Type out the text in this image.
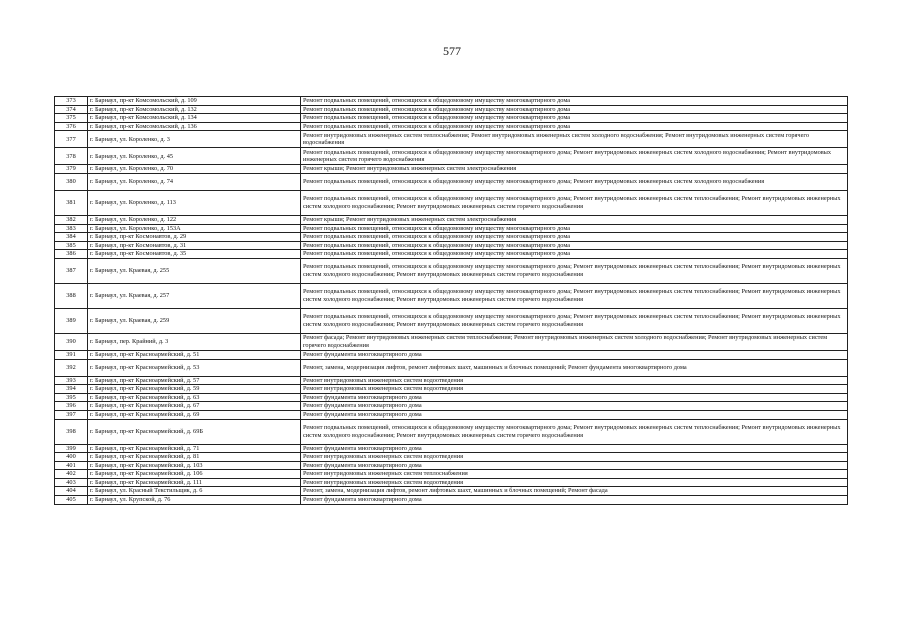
577
373	г. Барнаул, пр-кт Комсомольский, д. 109	Ремонт подвальных помещений, относящихся к общедомовому имуществу многоквартирного дома
374	г. Барнаул, пр-кт Комсомольский, д. 132	Ремонт подвальных помещений, относящихся к общедомовому имуществу многоквартирного дома
375	г. Барнаул, пр-кт Комсомольский, д. 134	Ремонт подвальных помещений, относящихся к общедомовому имуществу многоквартирного дома
376	г. Барнаул, пр-кт Комсомольский, д. 136	Ремонт подвальных помещений, относящихся к общедомовому имуществу многоквартирного дома
377	г. Барнаул, ул. Короленко, д. 3	Ремонт внутридомовых инженерных систем теплоснабжения; Ремонт внутридомовых инженерных систем холодного водоснабжения; Ремонт внутридомовых инженерных систем горячего водоснабжения
378	г. Барнаул, ул. Короленко, д. 45	Ремонт подвальных помещений, относящихся к общедомовому имуществу многоквартирного дома; Ремонт внутридомовых инженерных систем холодного водоснабжения; Ремонт внутридомовых инженерных систем горячего водоснабжения
379	г. Барнаул, ул. Короленко, д. 70	Ремонт крыши; Ремонт внутридомовых инженерных систем электроснабжения
380	г. Барнаул, ул. Короленко, д. 74	Ремонт подвальных помещений, относящихся к общедомовому имуществу многоквартирного дома; Ремонт внутридомовых инженерных систем холодного водоснабжения
381	г. Барнаул, ул. Короленко, д. 113	Ремонт подвальных помещений, относящихся к общедомовому имуществу многоквартирного дома; Ремонт внутридомовых инженерных систем теплоснабжения; Ремонт внутридомовых инженерных систем холодного водоснабжения; Ремонт внутридомовых инженерных систем горячего водоснабжения
382	г. Барнаул, ул. Короленко, д. 122	Ремонт крыши; Ремонт внутридомовых инженерных систем электроснабжения
383	г. Барнаул, ул. Короленко, д. 153А	Ремонт подвальных помещений, относящихся к общедомовому имуществу многоквартирного дома
384	г. Барнаул, пр-кт Космонавтов, д. 29	Ремонт подвальных помещений, относящихся к общедомовому имуществу многоквартирного дома
385	г. Барнаул, пр-кт Космонавтов, д. 31	Ремонт подвальных помещений, относящихся к общедомовому имуществу многоквартирного дома
386	г. Барнаул, пр-кт Космонавтов, д. 35	Ремонт подвальных помещений, относящихся к общедомовому имуществу многоквартирного дома
387	г. Барнаул, ул. Краевая, д. 255	Ремонт подвальных помещений, относящихся к общедомовому имуществу многоквартирного дома; Ремонт внутридомовых инженерных систем теплоснабжения; Ремонт внутридомовых инженерных систем холодного водоснабжения; Ремонт внутридомовых инженерных систем горячего водоснабжения
388	г. Барнаул, ул. Краевая, д. 257	Ремонт подвальных помещений, относящихся к общедомовому имуществу многоквартирного дома; Ремонт внутридомовых инженерных систем теплоснабжения; Ремонт внутридомовых инженерных систем холодного водоснабжения; Ремонт внутридомовых инженерных систем горячего водоснабжения
389	г. Барнаул, ул. Краевая, д. 259	Ремонт подвальных помещений, относящихся к общедомовому имуществу многоквартирного дома; Ремонт внутридомовых инженерных систем теплоснабжения; Ремонт внутридомовых инженерных систем холодного водоснабжения; Ремонт внутридомовых инженерных систем горячего водоснабжения
390	г. Барнаул, пер. Крайний, д. 3	Ремонт фасада; Ремонт внутридомовых инженерных систем теплоснабжения; Ремонт внутридомовых инженерных систем холодного водоснабжения; Ремонт внутридомовых инженерных систем горячего водоснабжения
391	г. Барнаул, пр-кт Красноармейский, д. 51	Ремонт фундамента многоквартирного дома
392	г. Барнаул, пр-кт Красноармейский, д. 53	Ремонт, замена, модернизация лифтов, ремонт лифтовых шахт, машинных и блочных помещений; Ремонт фундамента многоквартирного дома
393	г. Барнаул, пр-кт Красноармейский, д. 57	Ремонт внутридомовых инженерных систем водоотведения
394	г. Барнаул, пр-кт Красноармейский, д. 59	Ремонт внутридомовых инженерных систем водоотведения
395	г. Барнаул, пр-кт Красноармейский, д. 63	Ремонт фундамента многоквартирного дома
396	г. Барнаул, пр-кт Красноармейский, д. 67	Ремонт фундамента многоквартирного дома
397	г. Барнаул, пр-кт Красноармейский, д. 69	Ремонт фундамента многоквартирного дома
398	г. Барнаул, пр-кт Красноармейский, д. 69Б	Ремонт подвальных помещений, относящихся к общедомовому имуществу многоквартирного дома; Ремонт внутридомовых инженерных систем теплоснабжения; Ремонт внутридомовых инженерных систем холодного водоснабжения; Ремонт внутридомовых инженерных систем горячего водоснабжения
399	г. Барнаул, пр-кт Красноармейский, д. 71	Ремонт фундамента многоквартирного дома
400	г. Барнаул, пр-кт Красноармейский, д. 81	Ремонт внутридомовых инженерных систем водоотведения
401	г. Барнаул, пр-кт Красноармейский, д. 103	Ремонт фундамента многоквартирного дома
402	г. Барнаул, пр-кт Красноармейский, д. 106	Ремонт внутридомовых инженерных систем теплоснабжения
403	г. Барнаул, пр-кт Красноармейский, д. 111	Ремонт внутридомовых инженерных систем водоотведения
404	г. Барнаул, ул. Красный Текстильщик, д. 6	Ремонт, замена, модернизация лифтов, ремонт лифтовых шахт, машинных и блочных помещений; Ремонт фасада
405	г. Барнаул, ул. Крупской, д. 76	Ремонт фундамента многоквартирного дома
